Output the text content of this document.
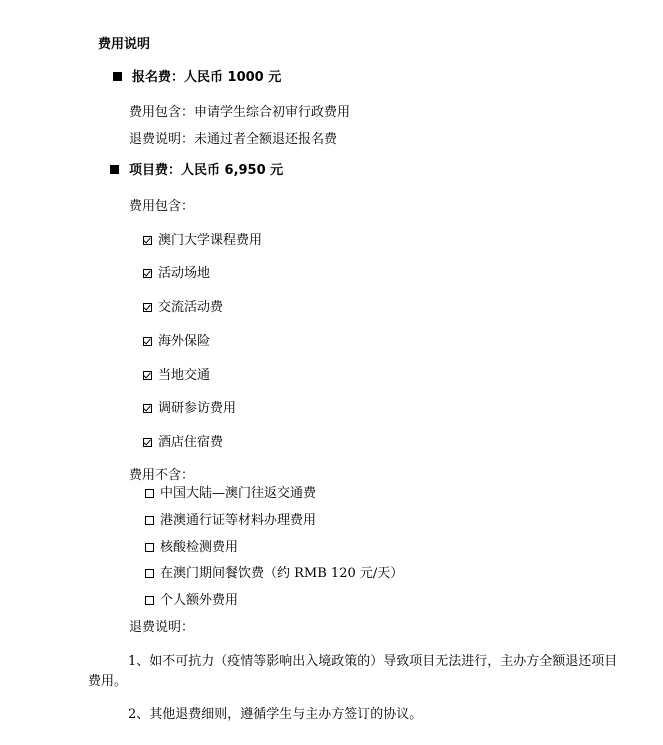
费用说明
报名费：人民币 1000 元
费用包含：申请学生综合初审行政费用
退费说明：未通过者全额退还报名费
项目费：人民币 6,950 元
费用包含：
澳门大学课程费用
活动场地
交流活动费
海外保险
当地交通
调研参访费用
酒店住宿费
费用不含：
中国大陆—澳门往返交通费
港澳通行证等材料办理费用
核酸检测费用
在澳门期间餐饮费（约 RMB 120 元/天）
个人额外费用
退费说明：
1、如不可抗力（疫情等影响出入境政策的）导致项目无法进行，主办方全额退还项目费用。
2、其他退费细则，遵循学生与主办方签订的协议。
